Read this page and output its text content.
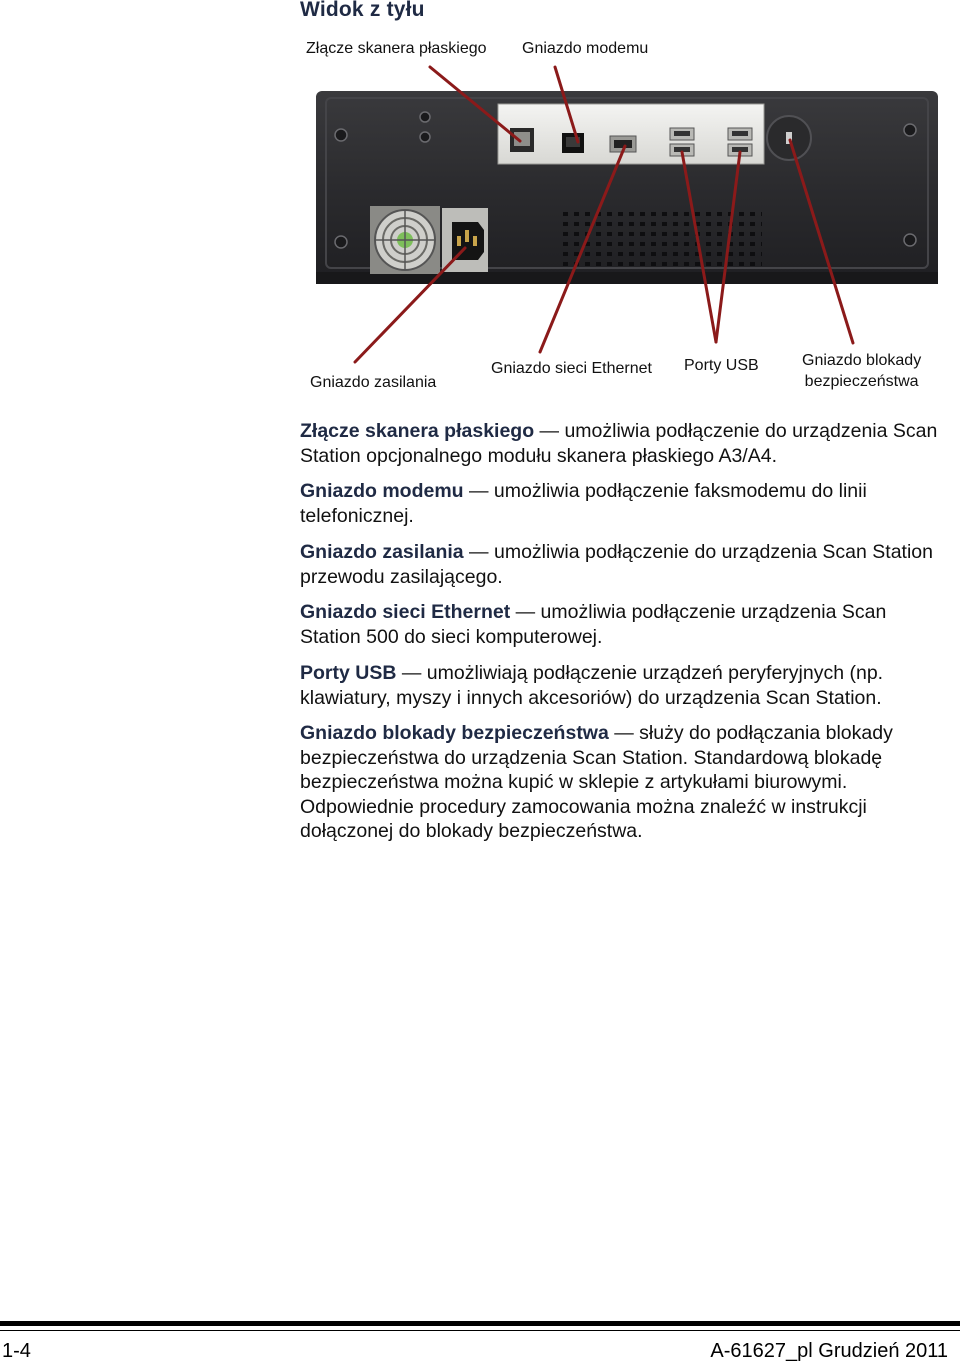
Widok z tyłu
Złącze skanera płaskiego Gniazdo modemu
Gniazdo zasilania
Gniazdo sieci Ethernet Porty USB	Gniazdo blokady
bezpieczeństwa
Złącze skanera płaskiego — umożliwia podłączenie do urządzenia Scan Station opcjonalnego modułu skanera płaskiego A3/A4.
Gniazdo modemu — umożliwia podłączenie faksmodemu do linii telefonicznej.
Gniazdo zasilania — umożliwia podłączenie do urządzenia Scan Station przewodu zasilającego.
Gniazdo sieci Ethernet — umożliwia podłączenie urządzenia Scan Station 500 do sieci komputerowej.
Porty USB — umożliwiają podłączenie urządzeń peryferyjnych (np. klawiatury, myszy i innych akcesoriów) do urządzenia Scan Station.
Gniazdo blokady bezpieczeństwa — służy do podłączania blokady bezpieczeństwa do urządzenia Scan Station. Standardową blokadę bezpieczeństwa można kupić w sklepie z artykułami biurowymi. Odpowiednie procedury zamocowania można znaleźć w instrukcji dołączonej do blokady bezpieczeństwa.
1-4	A-61627_pl Grudzień 2011
